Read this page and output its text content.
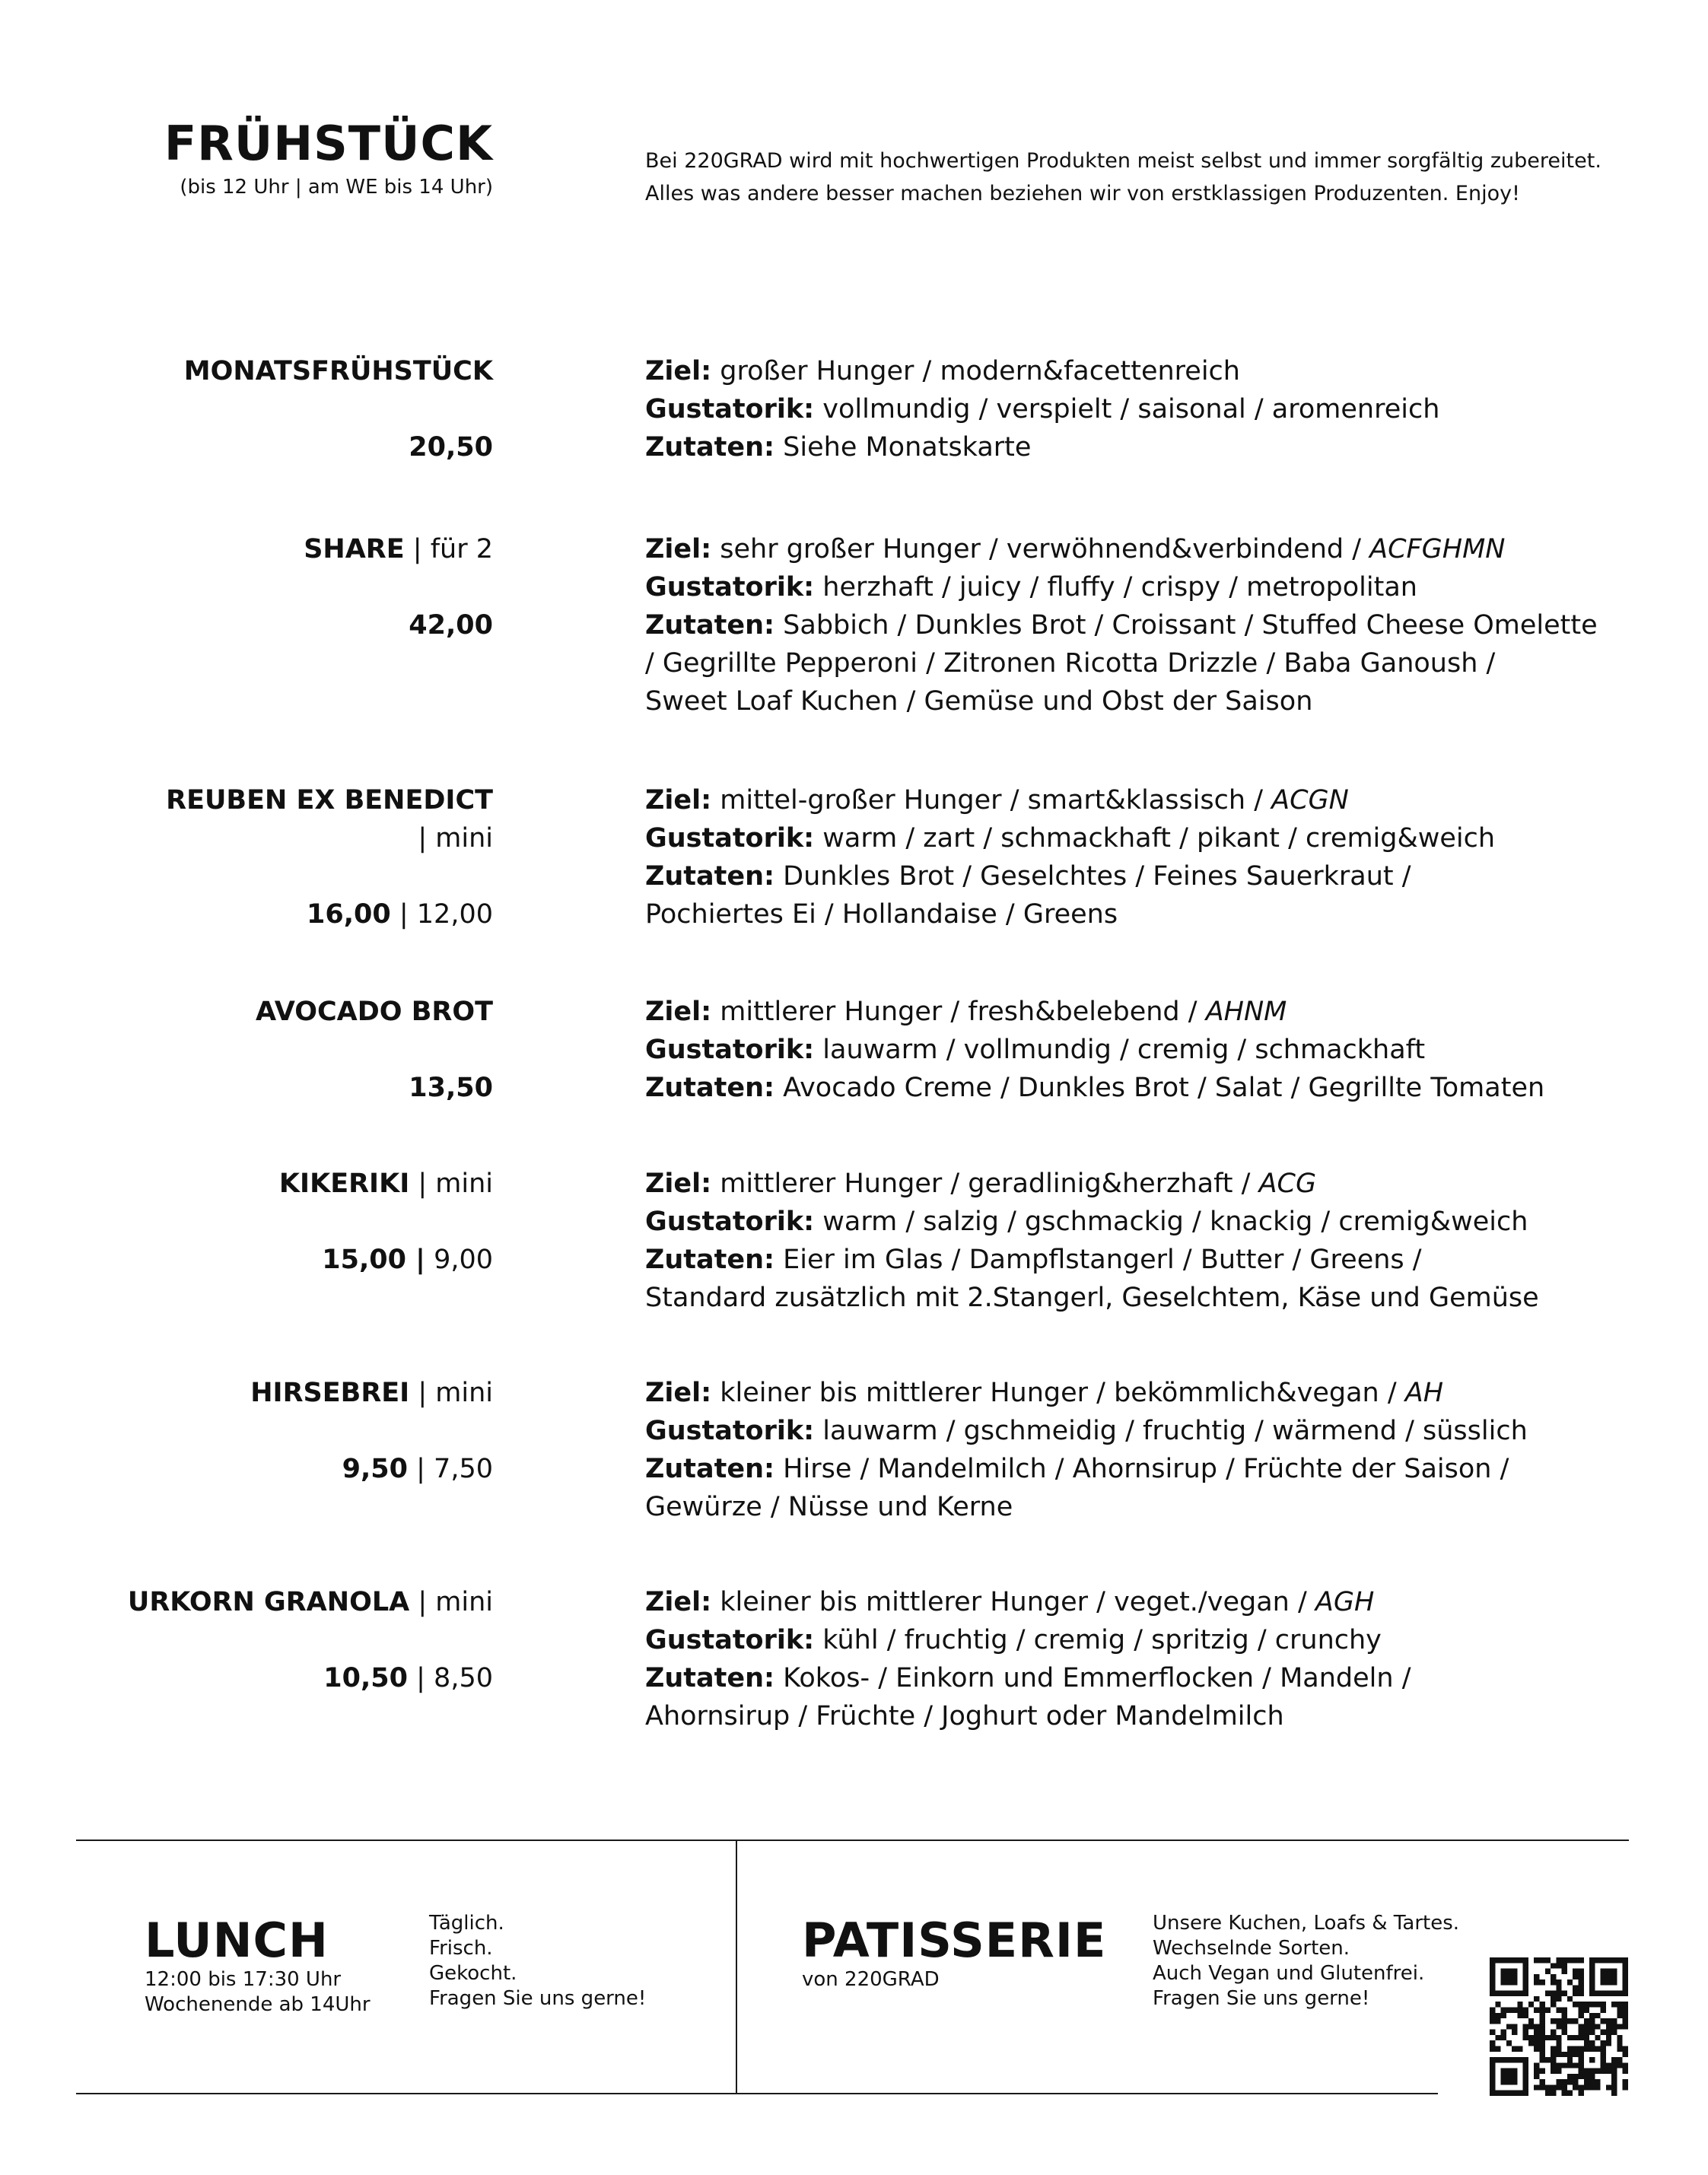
FRÜHSTÜCK
(bis 12 Uhr | am WE bis 14 Uhr)
Bei 220GRAD wird mit hochwertigen Produkten meist selbst und immer sorgfältig zubereitet.
Alles was andere besser machen beziehen wir von erstklassigen Produzenten. Enjoy!
MONATSFRÜHSTÜCK
20,50
Ziel: großer Hunger / modern&facettenreich
Gustatorik: vollmundig / verspielt / saisonal / aromenreich
Zutaten: Siehe Monatskarte
SHARE | für 2
42,00
Ziel: sehr großer Hunger / verwöhnend&verbindend / ACFGHMN
Gustatorik: herzhaft / juicy / fluffy / crispy / metropolitan
Zutaten: Sabbich / Dunkles Brot / Croissant / Stuffed Cheese Omelette
/ Gegrillte Pepperoni / Zitronen Ricotta Drizzle / Baba Ganoush /
Sweet Loaf Kuchen / Gemüse und Obst der Saison
REUBEN EX BENEDICT
| mini
16,00 | 12,00
Ziel: mittel-großer Hunger / smart&klassisch / ACGN
Gustatorik: warm / zart / schmackhaft / pikant / cremig&weich
Zutaten: Dunkles Brot / Geselchtes / Feines Sauerkraut /
Pochiertes Ei / Hollandaise / Greens
AVOCADO BROT
13,50
Ziel: mittlerer Hunger / fresh&belebend / AHNM
Gustatorik: lauwarm / vollmundig / cremig / schmackhaft
Zutaten: Avocado Creme / Dunkles Brot / Salat / Gegrillte Tomaten
KIKERIKI | mini
15,00 | 9,00
Ziel: mittlerer Hunger / geradlinig&herzhaft / ACG
Gustatorik: warm / salzig / gschmackig / knackig / cremig&weich
Zutaten: Eier im Glas / Dampflstangerl / Butter / Greens /
Standard zusätzlich mit 2.Stangerl, Geselchtem, Käse und Gemüse
HIRSEBREI | mini
9,50 | 7,50
Ziel: kleiner bis mittlerer Hunger / bekömmlich&vegan / AH
Gustatorik: lauwarm / gschmeidig / fruchtig / wärmend / süsslich
Zutaten: Hirse / Mandelmilch / Ahornsirup / Früchte der Saison /
Gewürze / Nüsse und Kerne
URKORN GRANOLA | mini
10,50 | 8,50
Ziel: kleiner bis mittlerer Hunger / veget./vegan / AGH
Gustatorik: kühl / fruchtig / cremig / spritzig / crunchy
Zutaten: Kokos- / Einkorn und Emmerflocken / Mandeln /
Ahornsirup / Früchte / Joghurt oder Mandelmilch
LUNCH
12:00 bis 17:30 Uhr
Wochenende ab 14Uhr
Täglich.
Frisch.
Gekocht.
Fragen Sie uns gerne!
PATISSERIE
von 220GRAD
Unsere Kuchen, Loafs & Tartes.
Wechselnde Sorten.
Auch Vegan und Glutenfrei.
Fragen Sie uns gerne!
